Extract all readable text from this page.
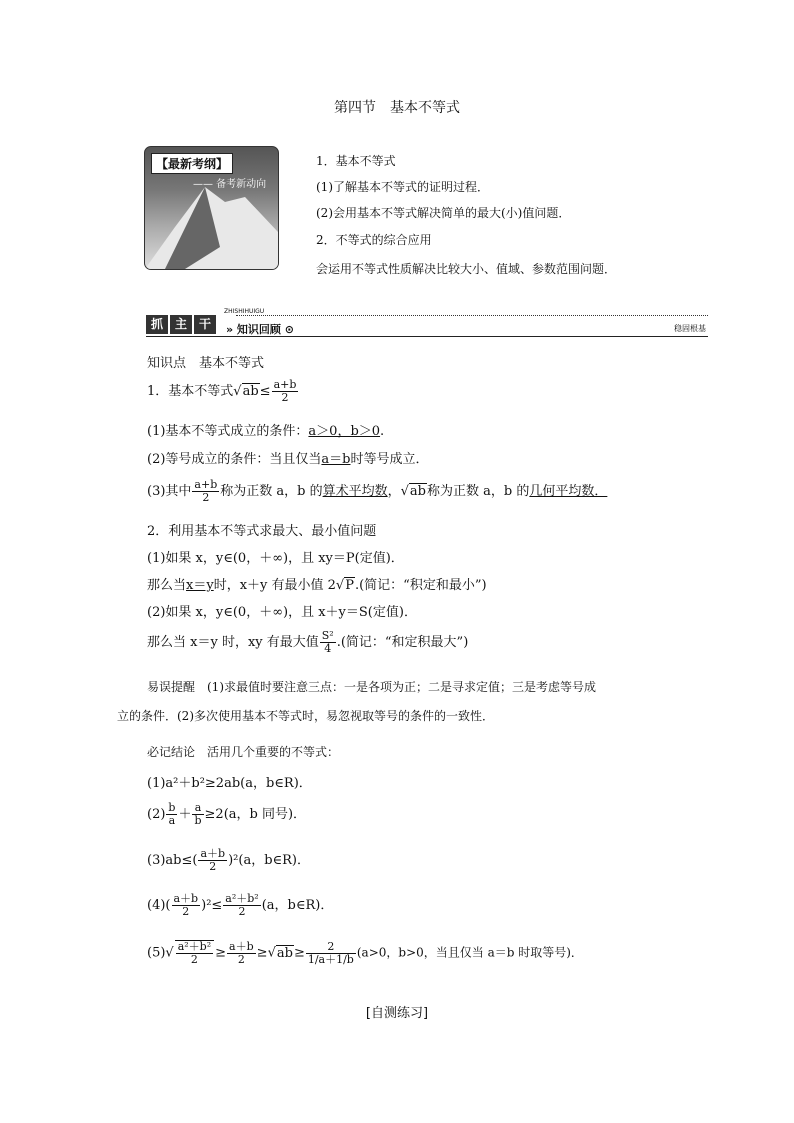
第四节　基本不等式
【最新考纲】
—— 备考新动向
1．基本不等式
(1)了解基本不等式的证明过程．
(2)会用基本不等式解决简单的最大(小)值问题．
2．不等式的综合应用
会运用不等式性质解决比较大小、值域、参数范围问题．
抓 主 干
ZHISHIHUIGU
» 知识回顾 ⊙	稳固根基
知识点　基本不等式
1．基本不等式$√ab\le \frac{a+b}{2}$
(1)基本不等式成立的条件：a＞0，b＞0.
(2)等号成立的条件：当且仅当a＝b时等号成立．
(3)其中 $\frac{a+b}{2}$ 称为正数 a，b 的算术平均数，√ab称为正数 a，b 的几何平均数．
2．利用基本不等式求最大、最小值问题
(1)如果 x，y∈(0，＋∞)，且 xy＝P(定值)．
那么当x＝y时，x＋y 有最小值 2√P.(简记：“积定和最小”)
(2)如果 x，y∈(0，＋∞)，且 x＋y＝S(定值)．
那么当 x＝y 时，xy 有最大值 $\frac{\text{S²}}{4}$ .(简记：“和定积最大”)
易误提醒　(1)求最值时要注意三点：一是各项为正；二是寻求定值；三是考虑等号成
立的条件．(2)多次使用基本不等式时，易忽视取等号的条件的一致性．
必记结论　活用几个重要的不等式：
(1)a²＋b²≥2ab(a，b∈R)．
$(2) \frac{b}{a} + \frac{a}{b} \ge 2(a$，b 同号)．
$(3)ab\le( \frac{a+b}{2} )^2(a$，b∈R)．
$(4)( \frac{a+b}{2} )^2\le \frac{\text{a²＋b²}}{2} (a$，b∈R)．
$(5)√ \frac{\text{a²＋b²}}{2} \ge \frac{a+b}{2} \ge√ab\ge \frac{2}{1/a+1/b} (a>0$，b>0，当且仅当 a＝b 时取等号)．
[自测练习]
